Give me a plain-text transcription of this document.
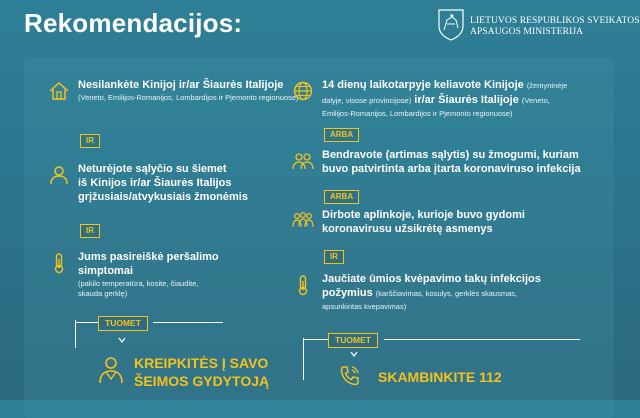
Rekomendacijos:	LIETUVOS RESPUBLIKOS SVEIKATOS
APSAUGOS MINISTERIJA
Nesilankėte Kinijoj ir/ar Šiaurės Italijoje
(Veneto, Emilijos-Romanijos, Lombardijos ir Pjemonto regionuose)
IR
Neturėjote sąlyčio su šiemet
iš Kinijos ir/ar Šiaurės Italijos
grįžusiais/atvykusiais žmonėmis
IR
Jums pasireiškė peršalimo
simptomai
(pakilo temperatūra, kosite, čiaudite, skauda gerklę)
TUOMET
KREIPKITĖS Į SAVO
ŠEIMOS GYDYTOJĄ
14 dienų laikotarpyje keliavote Kinijoje (žemyninėje
dalyje, visose provincijose) ir/ar Šiaurės Italijoje (Veneto,
Emilijos-Romanijos, Lombardijos ir Pjemonto regionuose)
ARBA
Bendravote (artimas sąlytis) su žmogumi, kuriam
buvo patvirtinta arba įtarta koronaviruso infekcija
ARBA
Dirbote aplinkoje, kurioje buvo gydomi
koronavirusu užsikrėtę asmenys
IR
Jaučiate ūmios kvėpavimo takų infekcijos
požymius (karščiavimas, kosulys, gerklės skausmas,
apsunkintas kvėpavimas)
TUOMET
SKAMBINKITE 112
